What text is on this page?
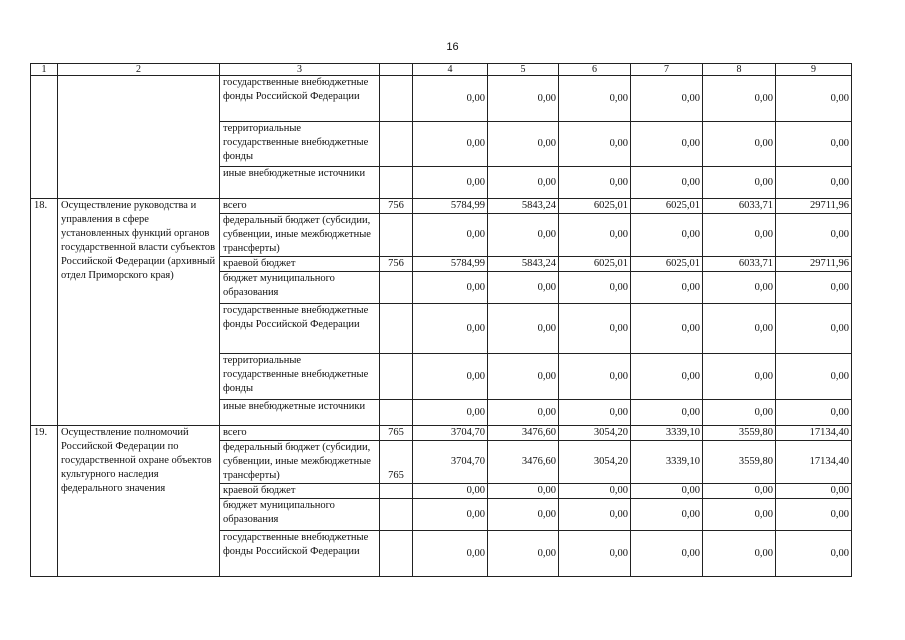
16
1	2	3		4	5	6	7	8	9
		государственные внебюджетные фонды Российской Федерации		0,00	0,00	0,00	0,00	0,00	0,00
		территориальные государственные внебюджетные фонды		0,00	0,00	0,00	0,00	0,00	0,00
		иные внебюджетные источники		0,00	0,00	0,00	0,00	0,00	0,00
18.	Осуществление руководства и управления в сфере установленных функций органов государственной власти субъектов Российской Федерации (архивный отдел Приморского края)	всего	756	5784,99	5843,24	6025,01	6025,01	6033,71	29711,96
		федеральный бюджет (субсидии, субвенции, иные межбюджетные трансферты)		0,00	0,00	0,00	0,00	0,00	0,00
		краевой бюджет	756	5784,99	5843,24	6025,01	6025,01	6033,71	29711,96
		бюджет муниципального образования		0,00	0,00	0,00	0,00	0,00	0,00
		государственные внебюджетные фонды Российской Федерации		0,00	0,00	0,00	0,00	0,00	0,00
		территориальные государственные внебюджетные фонды		0,00	0,00	0,00	0,00	0,00	0,00
		иные внебюджетные источники		0,00	0,00	0,00	0,00	0,00	0,00
19.	Осуществление полномочий Российской Федерации по государственной охране объектов культурного наследия федерального значения	всего	765	3704,70	3476,60	3054,20	3339,10	3559,80	17134,40
		федеральный бюджет (субсидии, субвенции, иные межбюджетные трансферты)	765	3704,70	3476,60	3054,20	3339,10	3559,80	17134,40
		краевой бюджет		0,00	0,00	0,00	0,00	0,00	0,00
		бюджет муниципального образования		0,00	0,00	0,00	0,00	0,00	0,00
		государственные внебюджетные фонды Российской Федерации		0,00	0,00	0,00	0,00	0,00	0,00
